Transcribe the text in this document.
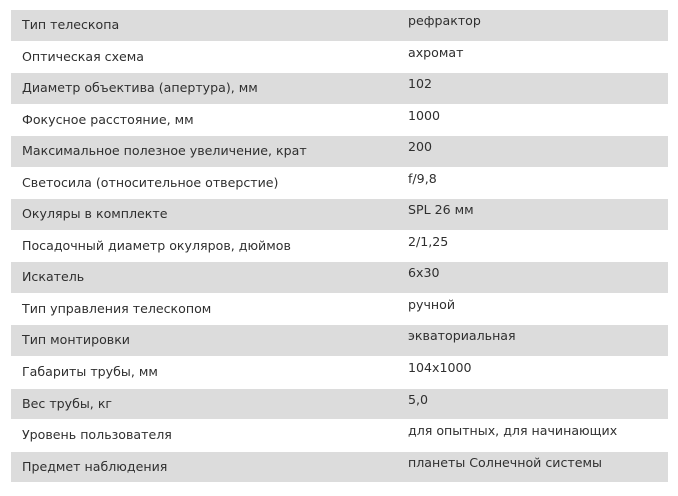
Тип телескопа	рефрактор
Оптическая схема	ахромат
Диаметр объектива (апертура), мм	102
Фокусное расстояние, мм	1000
Максимальное полезное увеличение, крат	200
Светосила (относительное отверстие)	f/9,8
Окуляры в комплекте	SPL 26 мм
Посадочный диаметр окуляров, дюймов	2/1,25
Искатель	6x30
Тип управления телескопом	ручной
Тип монтировки	экваториальная
Габариты трубы, мм	104x1000
Вес трубы, кг	5,0
Уровень пользователя	для опытных, для начинающих
Предмет наблюдения	планеты Солнечной системы
